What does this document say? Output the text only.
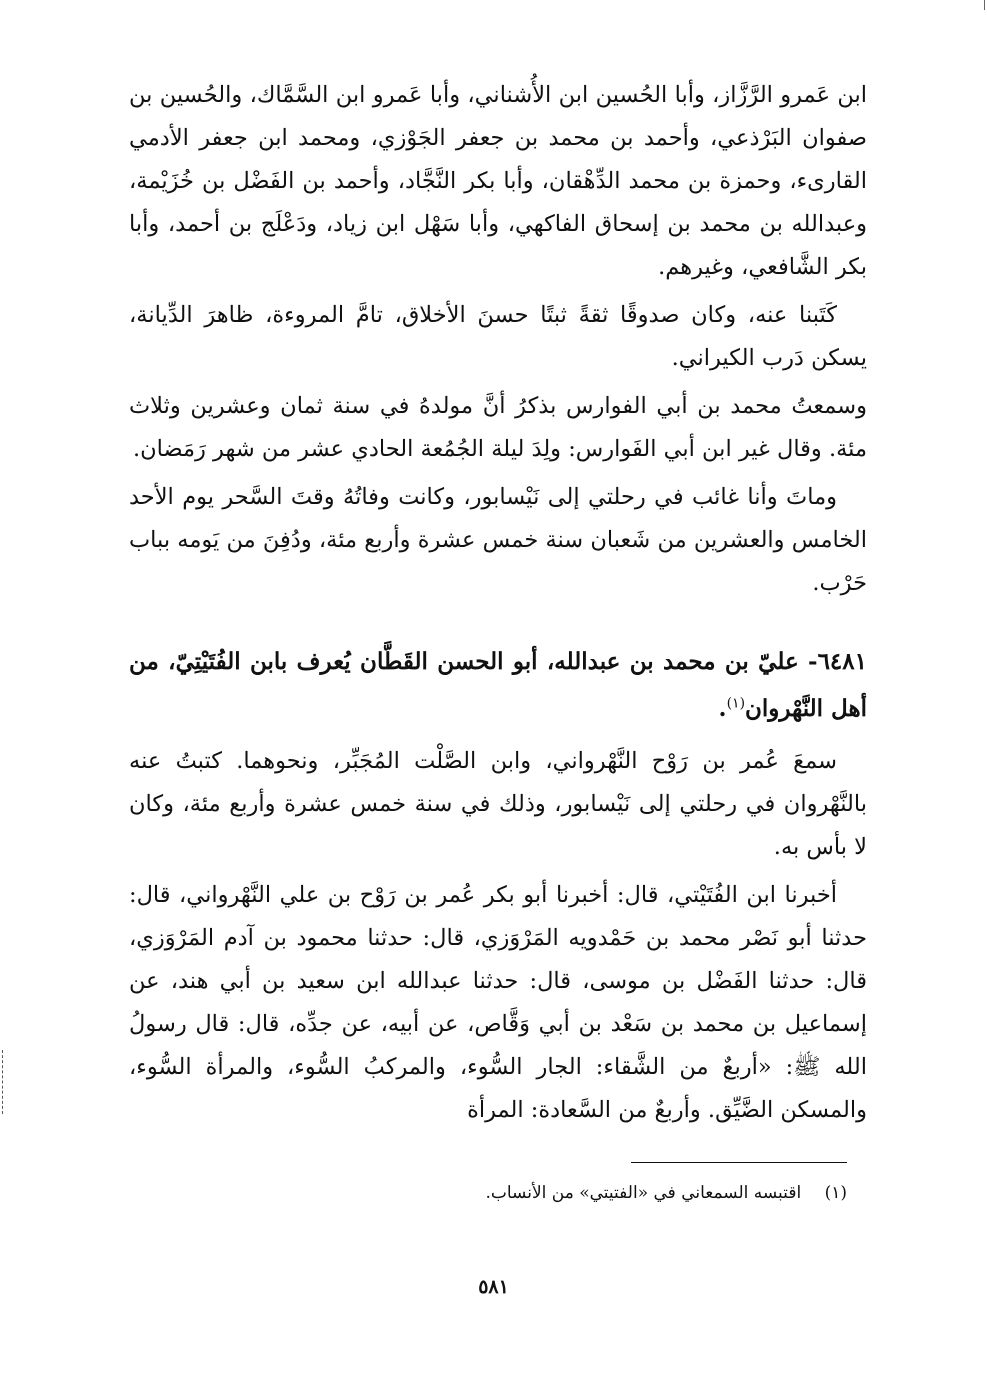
ابن عَمرو الرَّزَّاز، وأبا الحُسين ابن الأُشناني، وأبا عَمرو ابن السَّمَّاك، والحُسين بن صفوان البَرْذعي، وأحمد بن محمد بن جعفر الجَوْزي، ومحمد ابن جعفر الأدمي القارىء، وحمزة بن محمد الدِّهْقان، وأبا بكر النَّجَّاد، وأحمد بن الفَضْل بن خُزَيْمة، وعبدالله بن محمد بن إسحاق الفاكهي، وأبا سَهْل ابن زياد، ودَعْلَج بن أحمد، وأبا بكر الشَّافعي، وغيرهم.

كَتَبنا عنه، وكان صدوقًا ثقةً ثبتًا حسنَ الأخلاق، تامَّ المروءة، ظاهرَ الدِّيانة، يسكن دَرب الكيراني.

وسمعتُ محمد بن أبي الفوارس بذكرُ أنَّ مولدهُ في سنة ثمان وعشرين وثلاث مئة. وقال غير ابن أبي الفَوارس: ولِدَ ليلة الجُمُعة الحادي عشر من شهر رَمَضان.

وماتَ وأنا غائب في رحلتي إلى نَيْسابور، وكانت وفاتُهُ وقتَ السَّحر يوم الأحد الخامس والعشرين من شَعبان سنة خمس عشرة وأربع مئة، ودُفِنَ من يَومه بباب حَرْب.

٦٤٨١- عليّ بن محمد بن عبدالله، أبو الحسن القَطَّان يُعرف بابن الفُتَيْتِيّ، من أهل النَّهْروان$^{(١)}$.

سمعَ عُمر بن رَوْح النَّهْرواني، وابن الصَّلْت المُجَبِّر، ونحوهما. كتبتُ عنه بالنَّهْروان في رحلتي إلى نَيْسابور، وذلك في سنة خمس عشرة وأربع مئة، وكان لا بأس به.

أخبرنا ابن الفُتَيْتي، قال: أخبرنا أبو بكر عُمر بن رَوْح بن علي النَّهْرواني، قال: حدثنا أبو نَصْر محمد بن حَمْدويه المَرْوَزي، قال: حدثنا محمود بن آدم المَرْوَزي، قال: حدثنا الفَضْل بن موسى، قال: حدثنا عبدالله ابن سعيد بن أبي هند، عن إسماعيل بن محمد بن سَعْد بن أبي وَقَّاص، عن أبيه، عن جدِّه، قال: قال رسولُ الله ﷺ: «أربعٌ من الشَّقاء: الجار السُّوء، والمركبُ السُّوء، والمرأة السُّوء، والمسكن الضَّيِّق. وأربعٌ من السَّعادة: المرأة

(١) اقتبسه السمعاني في «الفتيتي» من الأنساب.
٥٨١
